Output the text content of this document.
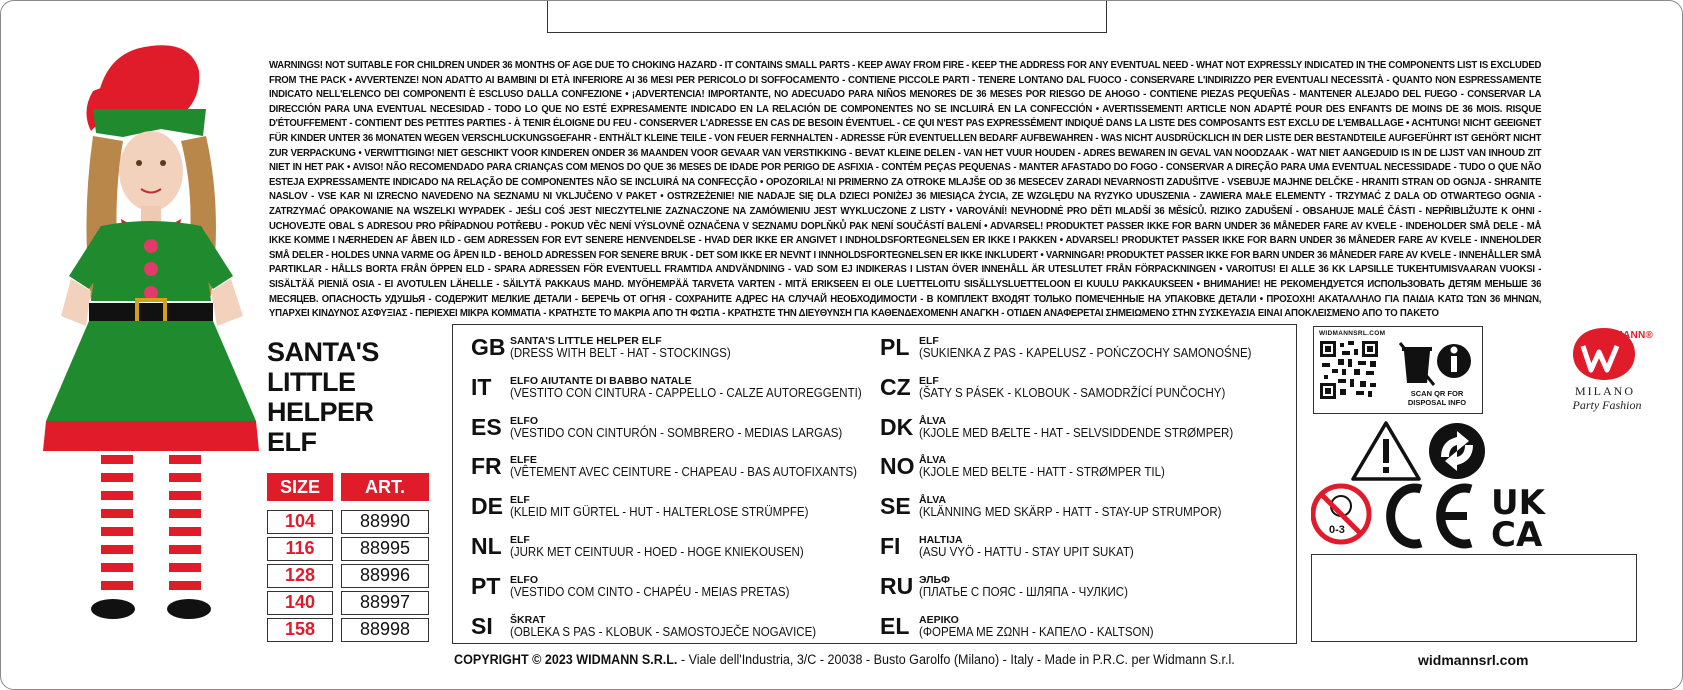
WARNINGS! NOT SUITABLE FOR CHILDREN UNDER 36 MONTHS OF AGE DUE TO CHOKING HAZARD - IT CONTAINS SMALL PARTS - KEEP AWAY FROM FIRE - KEEP THE ADDRESS FOR ANY EVENTUAL NEED - WHAT NOT EXPRESSLY INDICATED IN THE COMPONENTS LIST IS EXCLUDED FROM THE PACK • AVVERTENZE! NON ADATTO AI BAMBINI DI ETÀ INFERIORE AI 36 MESI PER PERICOLO DI SOFFOCAMENTO - CONTIENE PICCOLE PARTI - TENERE LONTANO DAL FUOCO - CONSERVARE L'INDIRIZZO PER EVENTUALI NECESSITÀ - QUANTO NON ESPRESSAMENTE INDICATO NELL'ELENCO DEI COMPONENTI È ESCLUSO DALLA CONFEZIONE • ¡ADVERTENCIA! IMPORTANTE, NO ADECUADO PARA NIÑOS MENORES DE 36 MESES POR RIESGO DE AHOGO - CONTIENE PIEZAS PEQUEÑAS - MANTENER ALEJADO DEL FUEGO - CONSERVAR LA DIRECCIÓN PARA UNA EVENTUAL NECESIDAD - TODO LO QUE NO ESTÉ EXPRESAMENTE INDICADO EN LA RELACIÓN DE COMPONENTES NO SE INCLUIRÁ EN LA CONFECCIÓN • AVERTISSEMENT! ARTICLE NON ADAPTÉ POUR DES ENFANTS DE MOINS DE 36 MOIS. RISQUE D'ÉTOUFFEMENT - CONTIENT DES PETITES PARTIES - À TENIR ÉLOIGNE DU FEU - CONSERVER L'ADRESSE EN CAS DE BESOIN ÉVENTUEL - CE QUI N'EST PAS EXPRESSÉMENT INDIQUÉ DANS LA LISTE DES COMPOSANTS EST EXCLU DE L'EMBALLAGE • ACHTUNG! NICHT GEEIGNET FÜR KINDER UNTER 36 MONATEN WEGEN VERSCHLUCKUNGSGEFAHR - ENTHÄLT KLEINE TEILE - VON FEUER FERNHALTEN - ADRESSE FÜR EVENTUELLEN BEDARF AUFBEWAHREN - WAS NICHT AUSDRÜCKLICH IN DER LISTE DER BESTANDTEILE AUFGEFÜHRT IST GEHÖRT NICHT ZUR VERPACKUNG • VERWITTIGING! NIET GESCHIKT VOOR KINDEREN ONDER 36 MAANDEN VOOR GEVAAR VAN VERSTIKKING - BEVAT KLEINE DELEN - VAN HET VUUR HOUDEN - ADRES BEWAREN IN GEVAL VAN NOODZAAK - WAT NIET AANGEDUID IS IN DE LIJST VAN INHOUD ZIT NIET IN HET PAK • AVISO! NÃO RECOMENDADO PARA CRIANÇAS COM MENOS DO QUE 36 MESES DE IDADE POR PERIGO DE ASFIXIA - CONTÉM PEÇAS PEQUENAS - MANTER AFASTADO DO FOGO - CONSERVAR A DIREÇÃO PARA UMA EVENTUAL NECESSIDADE - TUDO O QUE NÃO ESTEJA EXPRESSAMENTE INDICADO NA RELAÇÃO DE COMPONENTES NÃO SE INCLUIRÁ NA CONFECÇÃO • OPOZORILA! NI PRIMERNO ZA OTROKE MLAJŠE OD 36 MESECEV ZARADI NEVARNOSTI ZADUŠITVE - VSEBUJE MAJHNE DELČKE - HRANITI STRAN OD OGNJA - SHRANITE NASLOV - VSE KAR NI IZRECNO NAVEDENO NA SEZNAMU NI VKLJUČENO V PAKET • OSTRZEŻENIE! NIE NADAJE SIĘ DLA DZIECI PONIŻEJ 36 MIESIĄCA ŻYCIA, ZE WZGLĘDU NA RYZYKO UDUSZENIA - ZAWIERA MAŁE ELEMENTY - TRZYMAĆ Z DALA OD OTWARTEGO OGNIA - ZATRZYMAĆ OPAKOWANIE NA WSZELKI WYPADEK - JEŚLI COŚ JEST NIECZYTELNIE ZAZNACZONE NA ZAMÓWIENIU JEST WYKLUCZONE Z LISTY • VAROVÁNÍ! NEVHODNÉ PRO DĚTI MLADŠÍ 36 MĚSÍCŮ. RIZIKO ZADUŠENÍ - OBSAHUJE MALÉ ČÁSTI - NEPŘIBLIŽUJTE K OHNI - UCHOVEJTE OBAL S ADRESOU PRO PŘÍPADNOU POTŘEBU - POKUD VĚC NENÍ VÝSLOVNĚ OZNAČENA V SEZNAMU DOPLŇKŮ PAK NENÍ SOUČÁSTÍ BALENÍ • ADVARSEL! PRODUKTET PASSER IKKE FOR BARN UNDER 36 MÅNEDER FARE AV KVELE - INDEHOLDER SMÅ DELE - MÅ IKKE KOMME I NÆRHEDEN AF ÅBEN ILD - GEM ADRESSEN FOR EVT SENERE HENVENDELSE - HVAD DER IKKE ER ANGIVET I INDHOLDSFORTEGNELSEN ER IKKE I PAKKEN • ADVARSEL! PRODUKTET PASSER IKKE FOR BARN UNDER 36 MÅNEDER FARE AV KVELE - INNEHOLDER SMÅ DELER - HOLDES UNNA VARME OG ÅPEN ILD - BEHOLD ADRESSEN FOR SENERE BRUK - DET SOM IKKE ER NEVNT I INNHOLDSFORTEGNELSEN ER IKKE INKLUDERT • VARNINGAR! PRODUKTET PASSER IKKE FOR BARN UNDER 36 MÅNEDER FARE AV KVELE - INNEHÅLLER SMÅ PARTIKLAR - HÅLLS BORTA FRÅN ÖPPEN ELD - SPARA ADRESSEN FÖR EVENTUELL FRAMTIDA ANDVÄNDNING - VAD SOM EJ INDIKERAS I LISTAN ÖVER INNEHÅLL ÄR UTESLUTET FRÅN FÖRPACKNINGEN • VAROITUS! EI ALLE 36 KK LAPSILLE TUKEHTUMISVAARAN VUOKSI - SISÄLTÄÄ PIENIÄ OSIA - EI AVOTULEN LÄHELLE - SÄILYTÄ PAKKAUS MAHD. MYÖHEMPÄÄ TARVETA VARTEN - MITÄ ERIKSEEN EI OLE LUETTELOITU SISÄLLYSLUETTELOON EI KUULU PAKKAUKSEEN • ВНИМАНИЕ! НЕ РЕКОМЕНДУЕТСЯ ИСПОЛЬЗОВАТЬ ДЕТЯМ МЕНЬШЕ 36 МЕСЯЦЕВ. ОПАСНОСТЬ УДУШЬЯ - СОДЕРЖИТ МЕЛКИЕ ДЕТАЛИ - БЕРЕЧЬ ОТ ОГНЯ - СОХРАНИТЕ АДРЕС НА СЛУЧАЙ НЕОБХОДИМОСТИ - В КОМПЛЕКТ ВХОДЯТ ТОЛЬКО ПОМЕЧЕННЫЕ НА УПАКОВКЕ ДЕТАЛИ • ΠΡΟΣΟΧΗ! ΑΚΑΤΑΛΛΗΛΟ ΓΙΑ ΠΑΙΔΙΑ ΚΑΤΩ ΤΩΝ 36 ΜΗΝΩΝ, ΥΠΑΡΧΕΙ ΚΙΝΔΥΝΟΣ ΑΣΦΥΞΙΑΣ - ΠΕΡΙΕΧΕΙ ΜΙΚΡΑ ΚΟΜΜΑΤΙΑ - ΚΡΑΤΗΣΤΕ ΤΟ ΜΑΚΡΙΑ ΑΠΟ ΤΗ ΦΩΤΙΑ - ΚΡΑΤΗΣΤΕ ΤΗΝ ΔΙΕΥΘΥΝΣΗ ΓΙΑ ΚΑΘΕΝΔΕΧΟΜΕΝΗ ΑΝΑΓΚΗ - ΟΤΙΔΕΝ ΑΝΑΦΕΡΕΤΑΙ ΣΗΜΕΙΩΜΕΝΟ ΣΤΗΝ ΣΥΣΚΕΥΑΣΙΑ ΕΙΝΑΙ ΑΠΟΚΛΕΙΣΜΕΝΟ ΑΠΟ ΤΟ ΠΑΚΕΤΟ
SANTA'S
LITTLE
HELPER
ELF
SIZE	ART.
104	88990
116	88995
128	88996
140	88997
158	88998
GB SANTA'S LITTLE HELPER ELF
(DRESS WITH BELT - HAT - STOCKINGS)
IT	ELFO AIUTANTE DI BABBO NATALE
(VESTITO CON CINTURA - CAPPELLO - CALZE AUTOREGGENTI)
ES ELFO
(VESTIDO CON CINTURÓN - SOMBRERO - MEDIAS LARGAS)
FR ELFE
(VÊTEMENT AVEC CEINTURE - CHAPEAU - BAS AUTOFIXANTS)
DE ELF
(KLEID MIT GÜRTEL - HUT - HALTERLOSE STRÜMPFE)
NL ELF
(JURK MET CEINTUUR - HOED - HOGE KNIEKOUSEN)
PT ELFO
(VESTIDO COM CINTO - CHAPÉU - MEIAS PRETAS)
SI	ŠKRAT
(OBLEKA S PAS - KLOBUK - SAMOSTOJEČE NOGAVICE)
PL ELF
(SUKIENKA Z PAS - KAPELUSZ - POŃCZOCHY SAMONOŚNE)
CZ ELF
(ŠATY S PÁSEK - KLOBOUK - SAMODRŽÍCÍ PUNČOCHY)
DK ÅLVA
(KJOLE MED BÆLTE - HAT - SELVSIDDENDE STRØMPER)
NO ÅLVA
(KJOLE MED BELTE - HATT - STRØMPER TIL)
SE ÅLVA
(KLÄNNING MED SKÄRP - HATT - STAY-UP STRUMPOR)
FI	HALTIJA
(ASU VYÖ - HATTU - STAY UPIT SUKAT)
RU ЭЛЬФ
(ПЛАТЬЕ С ПОЯС - ШЛЯПА - ЧУЛКИС)
EL ΑΕΡΙΚΟ
(ΦΟΡΕΜΑ ΜΕ ΖΩΝΗ - ΚΑΠΕΛΟ - KALTSON)
COPYRIGHT © 2023 WIDMANN S.R.L. - Viale dell'Industria, 3/C - 20038 - Busto Garolfo (Milano) - Italy - Made in P.R.C. per Widmann S.r.l.	widmannsrl.com
WIDMANNSRL.COM
SCAN QR FOR DISPOSAL INFO
WIDMANN®
MILANO
Party Fashion
0-3
UK
CA
